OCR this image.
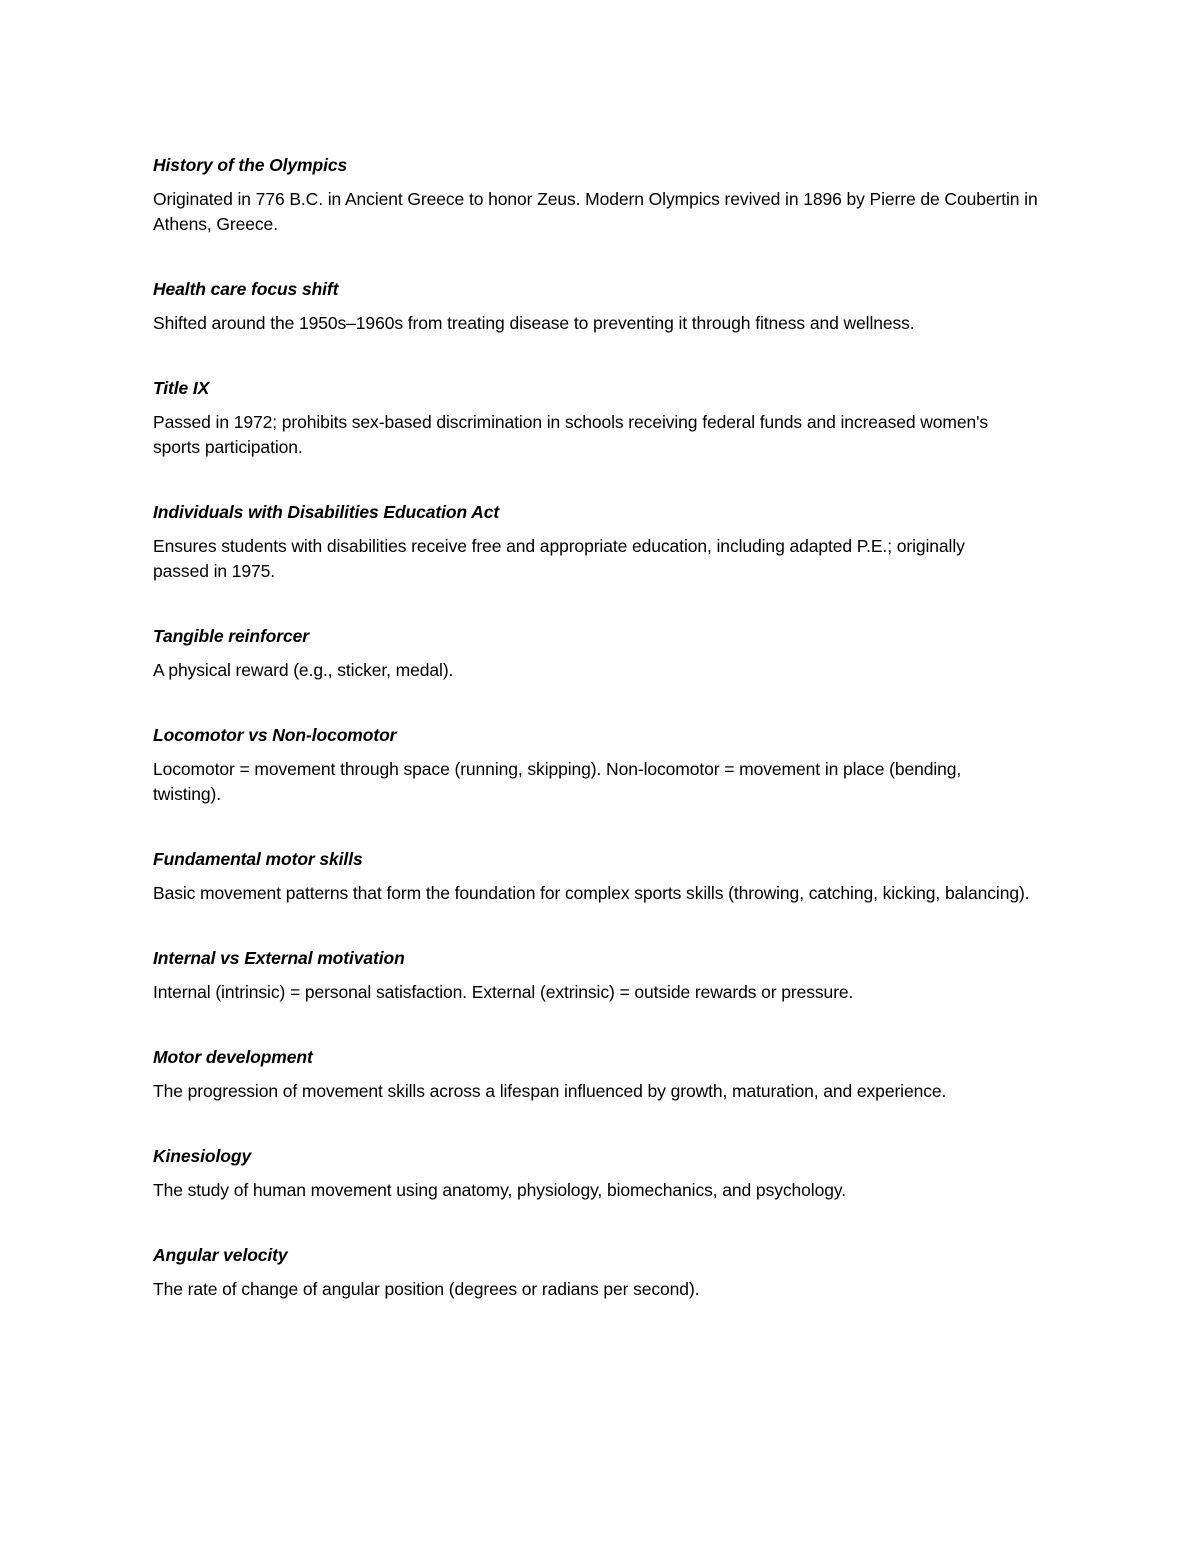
History of the Olympics

Originated in 776 B.C. in Ancient Greece to honor Zeus. Modern Olympics revived in 1896 by Pierre de Coubertin in Athens, Greece.

Health care focus shift

Shifted around the 1950s–1960s from treating disease to preventing it through fitness and wellness.

Title IX

Passed in 1972; prohibits sex-based discrimination in schools receiving federal funds and increased women's sports participation.

Individuals with Disabilities Education Act

Ensures students with disabilities receive free and appropriate education, including adapted P.E.; originally passed in 1975.

Tangible reinforcer

A physical reward (e.g., sticker, medal).

Locomotor vs Non-locomotor

Locomotor = movement through space (running, skipping). Non-locomotor = movement in place (bending, twisting).

Fundamental motor skills

Basic movement patterns that form the foundation for complex sports skills (throwing, catching, kicking, balancing).

Internal vs External motivation

Internal (intrinsic) = personal satisfaction. External (extrinsic) = outside rewards or pressure.

Motor development

The progression of movement skills across a lifespan influenced by growth, maturation, and experience.

Kinesiology

The study of human movement using anatomy, physiology, biomechanics, and psychology.

Angular velocity

The rate of change of angular position (degrees or radians per second).
